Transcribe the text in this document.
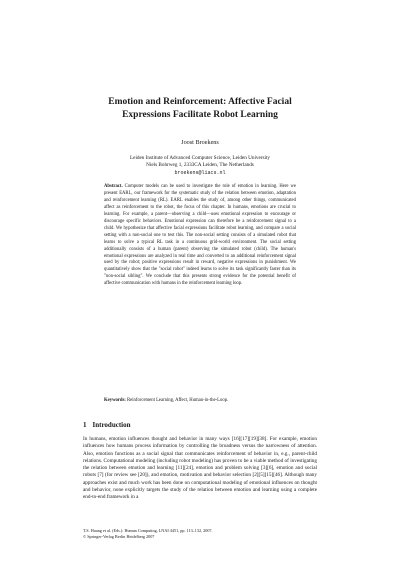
Emotion and Reinforcement: Affective Facial
Expressions Facilitate Robot Learning
Joost Broekens
Leiden Institute of Advanced Computer Science, Leiden University
Niels Bohrweg 1, 2333CA Leiden, The Netherlands
broekens@liacs.nl
Abstract. Computer models can be used to investigate the role of emotion in learning. Here we present EARL, our framework for the systematic study of the relation between emotion, adaptation and reinforcement learning (RL). EARL enables the study of, among other things, communicated affect as reinforcement to the robot, the focus of this chapter. In humans, emotions are crucial to learning. For example, a parent—observing a child—uses emotional expression to encourage or discourage specific behaviors. Emotional expression can therefore be a reinforcement signal to a child. We hypothesize that affective facial expressions facilitate robot learning, and compare a social setting with a non-social one to test this. The non-social setting consists of a simulated robot that learns to solve a typical RL task in a continuous grid-world environment. The social setting additionally consists of a human (parent) observing the simulated robot (child). The human's emotional expressions are analyzed in real time and converted to an additional reinforcement signal used by the robot; positive expressions result in reward, negative expressions in punishment. We quantitatively show that the "social robot" indeed learns to solve its task significantly faster than its "non-social sibling". We conclude that this presents strong evidence for the potential benefit of affective communication with humans in the reinforcement learning loop.
Keywords: Reinforcement Learning, Affect, Human-in-the-Loop.
1 Introduction
In humans, emotion influences thought and behavior in many ways [16][17][19][38]. For example, emotion influences how humans process information by controlling the broadness versus the narrowness of attention. Also, emotion functions as a social signal that communicates reinforcement of behavior in, e.g., parent-child relations. Computational modeling (including robot modeling) has proven to be a viable method of investigating the relation between emotion and learning [11][24], emotion and problem solving [3][6], emotion and social robots [7] (for review see [20]), and emotion, motivation and behavior selection [2][5][15][46]. Although many approaches exist and much work has been done on computational modeling of emotional influences on thought and behavior, none explicitly targets the study of the relation between emotion and learning using a complete end-to-end framework in a
T.S. Huang et al. (Eds.): Human Computing, LNAI 4451, pp. 113–132, 2007.
© Springer-Verlag Berlin Heidelberg 2007
